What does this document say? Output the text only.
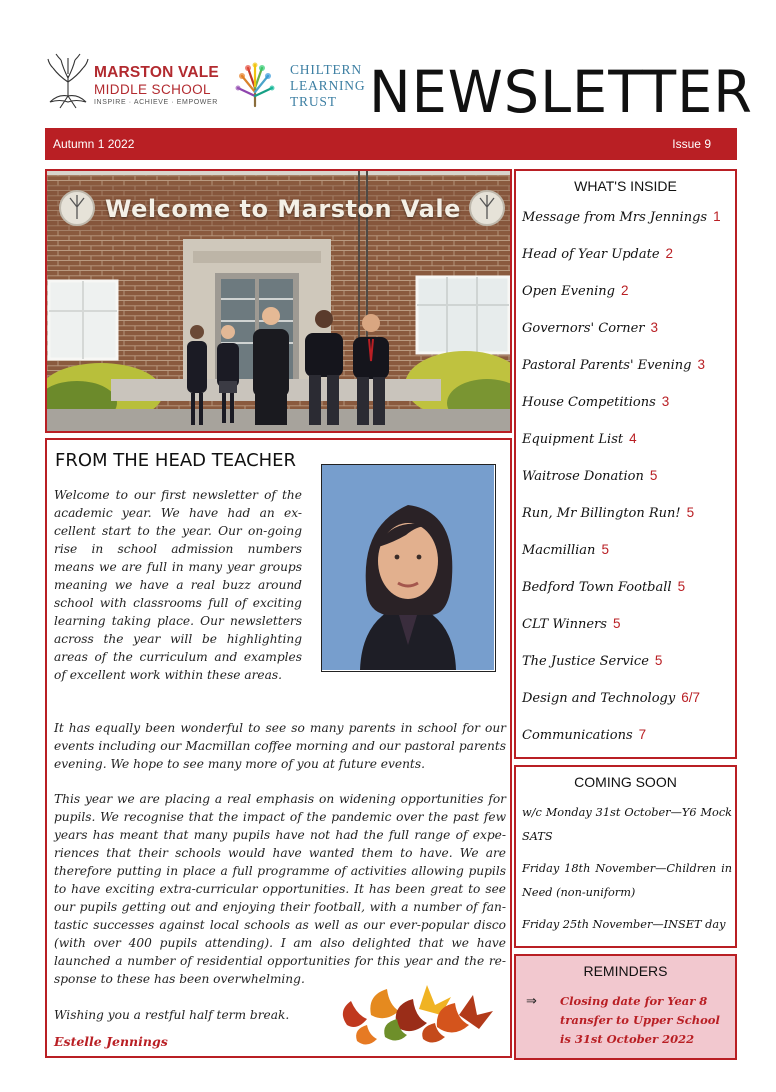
MARSTON VALE
MIDDLE SCHOOL
INSPIRE · ACHIEVE · EMPOWER
CHILTERN
LEARNING
TRUST NEWSLETTER
Autumn 1 2022	Issue 9
Welcome to Marston Vale
FROM THE HEAD TEACHER
Welcome to our first newsletter of the academic year. We have had an ex-cellent start to the year. Our on-going rise in school admission numbers means we are full in many year groups meaning we have a real buzz around school with classrooms full of exciting learning taking place. Our newsletters across the year will be highlighting areas of the curriculum and examples of excellent work within these areas.
It has equally been wonderful to see so many parents in school for our events including our Macmillan coffee morning and our pastoral parents evening. We hope to see many more of you at future events.
This year we are placing a real emphasis on widening opportunities for pupils. We recognise that the impact of the pandemic over the past few years has meant that many pupils have not had the full range of expe-riences that their schools would have wanted them to have. We are therefore putting in place a full programme of activities allowing pupils to have exciting extra-curricular opportunities. It has been great to see our pupils getting out and enjoying their football, with a number of fan-tastic successes against local schools as well as our ever-popular disco (with over 400 pupils attending). I am also delighted that we have launched a number of residential opportunities for this year and the re-sponse to these has been overwhelming.
Wishing you a restful half term break.
Estelle Jennings
WHAT'S INSIDE
Message from Mrs Jennings 1
Head of Year Update 2
Open Evening 2
Governors' Corner 3
Pastoral Parents' Evening 3
House Competitions 3
Equipment List 4
Waitrose Donation 5
Run, Mr Billington Run! 5
Macmillian 5
Bedford Town Football 5
CLT Winners 5
The Justice Service 5
Design and Technology 6/7
Communications 7
COMING SOON
w/c Monday 31st October—Y6 Mock SATS
Friday 18th November—Children in Need (non-uniform)
Friday 25th November—INSET day
REMINDERS
⇒ Closing date for Year 8 transfer to Upper School is 31st October 2022
